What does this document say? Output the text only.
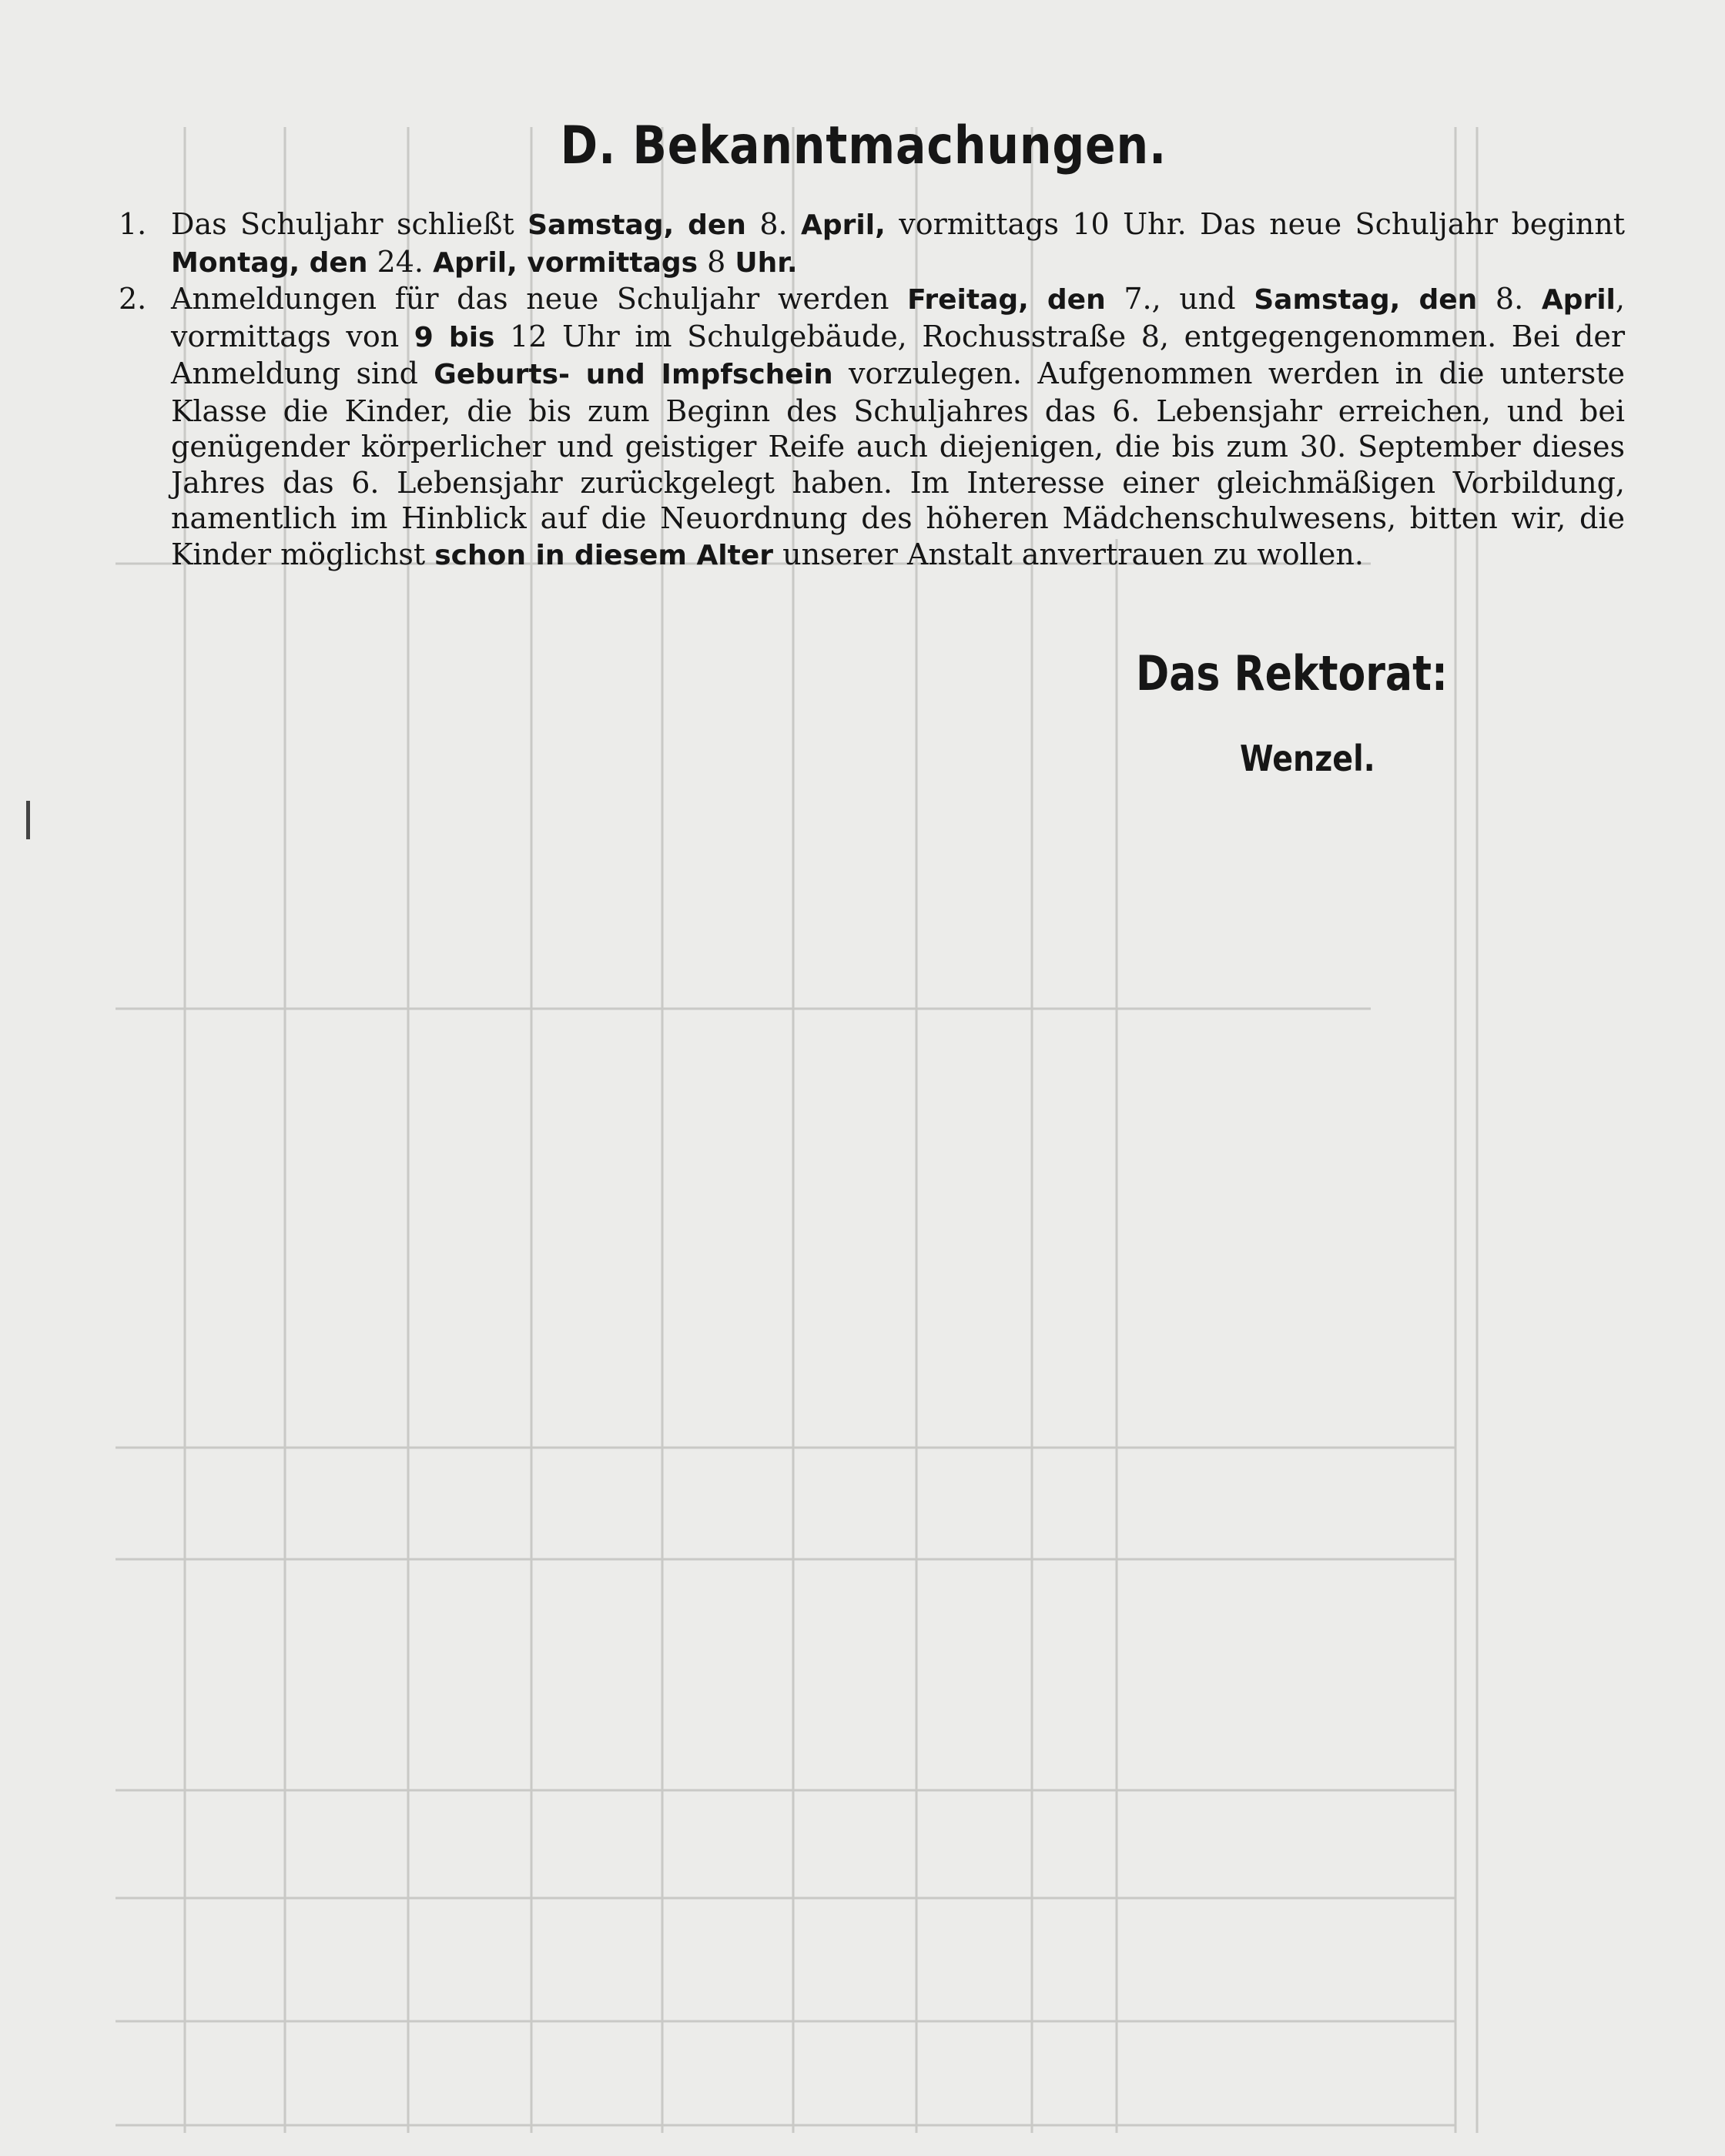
D. Bekanntmachungen.
1. Das Schuljahr schließt Samstag, den 8. April, vormittags 10 Uhr. Das neue Schuljahr beginnt Montag, den 24. April, vormittags 8 Uhr.
2. Anmeldungen für das neue Schuljahr werden Freitag, den 7., und Samstag, den 8. April, vormittags von 9 bis 12 Uhr im Schulgebäude, Rochusstraße 8, entgegengenommen. Bei der Anmeldung sind Geburts- und Impfschein vorzulegen. Aufgenommen werden in die unterste Klasse die Kinder, die bis zum Beginn des Schuljahres das 6. Lebensjahr erreichen, und bei genügender körperlicher und geistiger Reife auch diejenigen, die bis zum 30. September dieses Jahres das 6. Lebensjahr zurückgelegt haben. Im Interesse einer gleichmäßigen Vorbildung, namentlich im Hinblick auf die Neuordnung des höheren Mädchenschulwesens, bitten wir, die Kinder möglichst schon in diesem Alter unserer Anstalt anvertrauen zu wollen.
Das Rektorat:
Wenzel.
